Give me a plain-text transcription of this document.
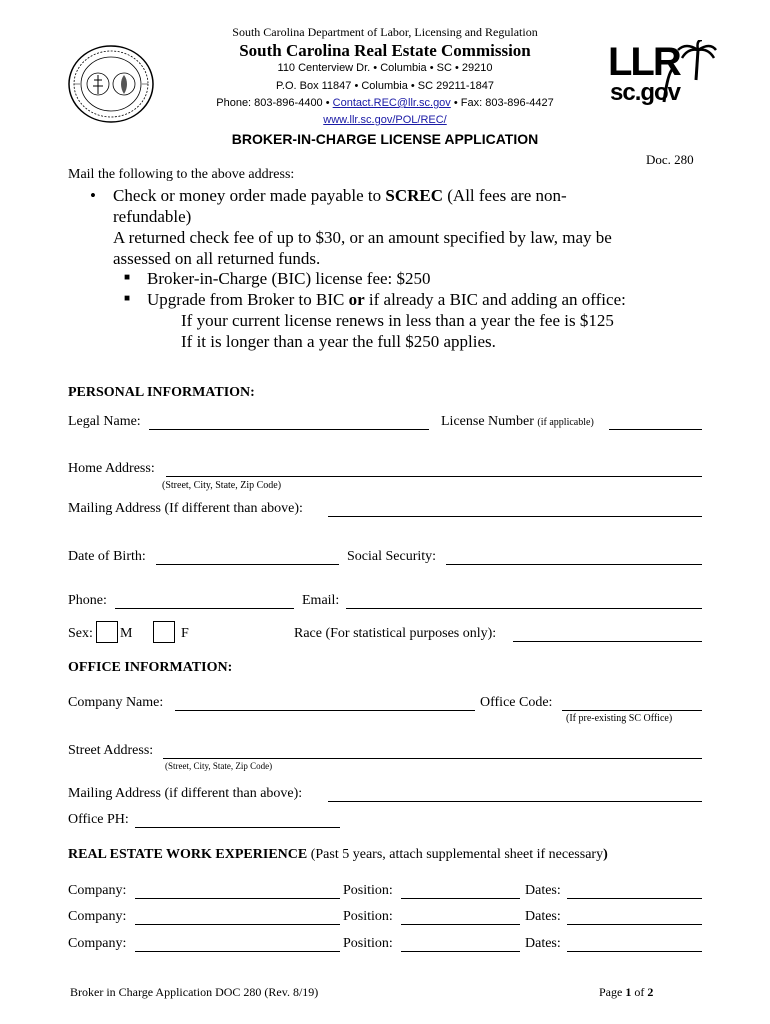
South Carolina Department of Labor, Licensing and Regulation
South Carolina Real Estate Commission
110 Centerview Dr. • Columbia • SC • 29210
P.O. Box 11847 • Columbia • SC 29211-1847
Phone: 803-896-4400 • Contact.REC@llr.sc.gov • Fax: 803-896-4427
www.llr.sc.gov/POL/REC/
BROKER-IN-CHARGE LICENSE APPLICATION
Doc. 280
LLR
sc.gov
Mail the following to the above address:
• Check or money order made payable to SCREC (All fees are non-
refundable)
A returned check fee of up to $30, or an amount specified by law, may be
assessed on all returned funds.
■ Broker-in-Charge (BIC) license fee: $250
■ Upgrade from Broker to BIC or if already a BIC and adding an office:
If your current license renews in less than a year the fee is $125
If it is longer than a year the full $250 applies.
PERSONAL INFORMATION:
Legal Name:	License Number (if applicable)
Home Address:
(Street, City, State, Zip Code)
Mailing Address (If different than above):
Date of Birth:	Social Security:
Phone:	Email:
Sex: M	F	Race (For statistical purposes only):
OFFICE INFORMATION:
Company Name:	Office Code:
(If pre-existing SC Office)
Street Address:
(Street, City, State, Zip Code)
Mailing Address (if different than above):
Office PH:
REAL ESTATE WORK EXPERIENCE (Past 5 years, attach supplemental sheet if necessary)
Company:	Position:	Dates:
Company:	Position:	Dates:
Company:	Position:	Dates:
Broker in Charge Application DOC 280 (Rev. 8/19)	Page 1 of 2
